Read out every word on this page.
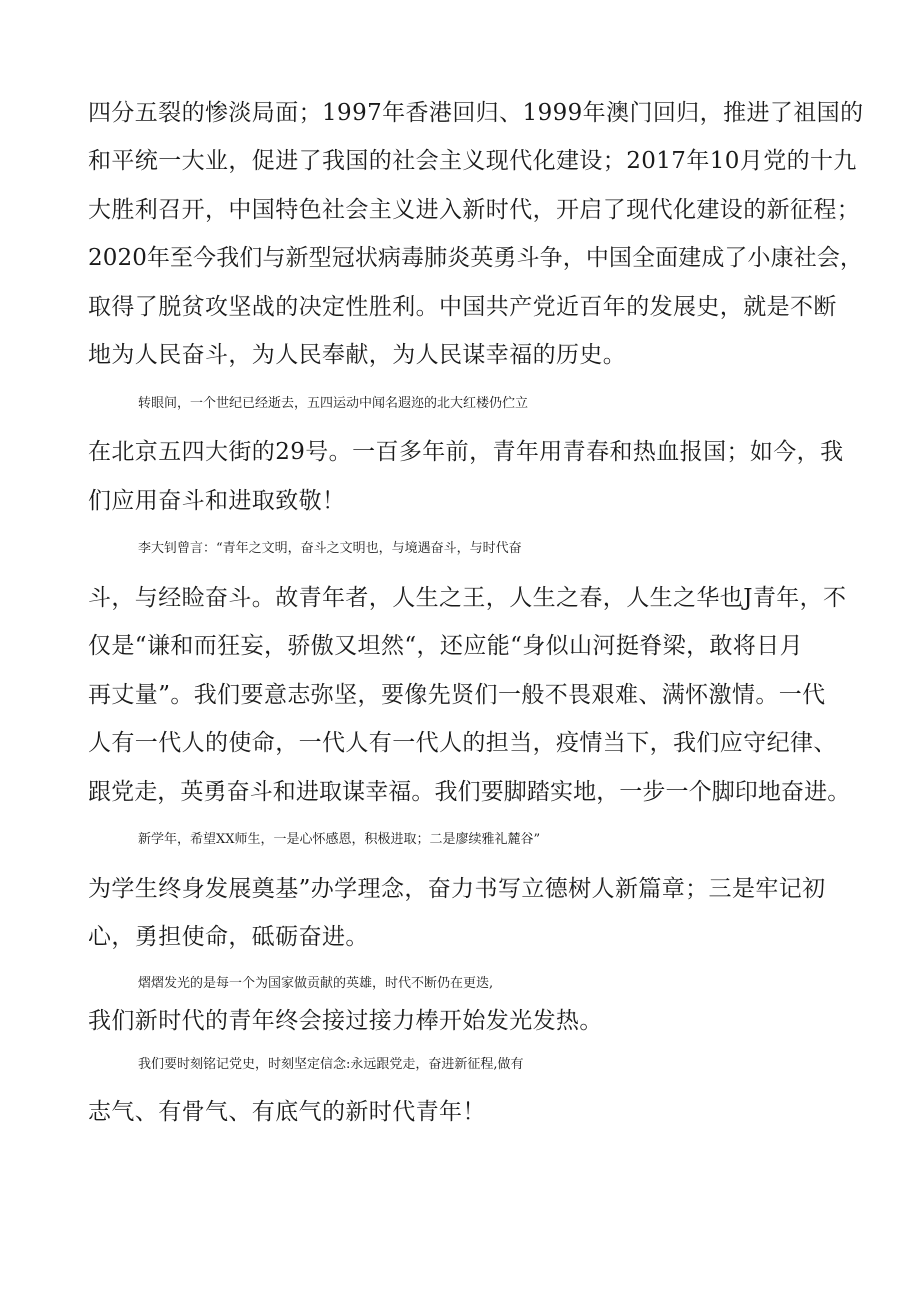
四分五裂的惨淡局面；1997年香港回归、1999年澳门回归，推进了祖国的
和平统一大业，促进了我国的社会主义现代化建设；2017年10月党的十九
大胜利召开，中国特色社会主义进入新时代，开启了现代化建设的新征程；
2020年至今我们与新型冠状病毒肺炎英勇斗争，中国全面建成了小康社会，
取得了脱贫攻坚战的决定性胜利。中国共产党近百年的发展史，就是不断
地为人民奋斗，为人民奉献，为人民谋幸福的历史。
转眼间，一个世纪已经逝去，五四运动中闻名遐迩的北大红楼仍伫立
在北京五四大街的29号。一百多年前，青年用青春和热血报国；如今，我
们应用奋斗和进取致敬！
李大钊曾言：“青年之文明，奋斗之文明也，与境遇奋斗，与时代奋
斗，与经睑奋斗。故青年者，人生之王，人生之春，人生之华也J青年，不
仅是“谦和而狂妄，骄傲又坦然“，还应能“身似山河挺脊梁，敢将日月
再丈量”。我们要意志弥坚，要像先贤们一般不畏艰难、满怀激情。一代
人有一代人的使命，一代人有一代人的担当，疫情当下，我们应守纪律、
跟党走，英勇奋斗和进取谋幸福。我们要脚踏实地，一步一个脚印地奋进。
新学年，希望XX师生，一是心怀感恩，积极进取；二是廖续雅礼麓谷”
为学生终身发展奠基”办学理念，奋力书写立德树人新篇章；三是牢记初
心，勇担使命，砥砺奋进。
熠熠发光的是每一个为国家做贡献的英雄，时代不断仍在更迭,
我们新时代的青年终会接过接力棒开始发光发热。
我们要时刻铭记党史，时刻坚定信念:永远跟党走，奋进新征程,做有
志气、有骨气、有底气的新时代青年！
